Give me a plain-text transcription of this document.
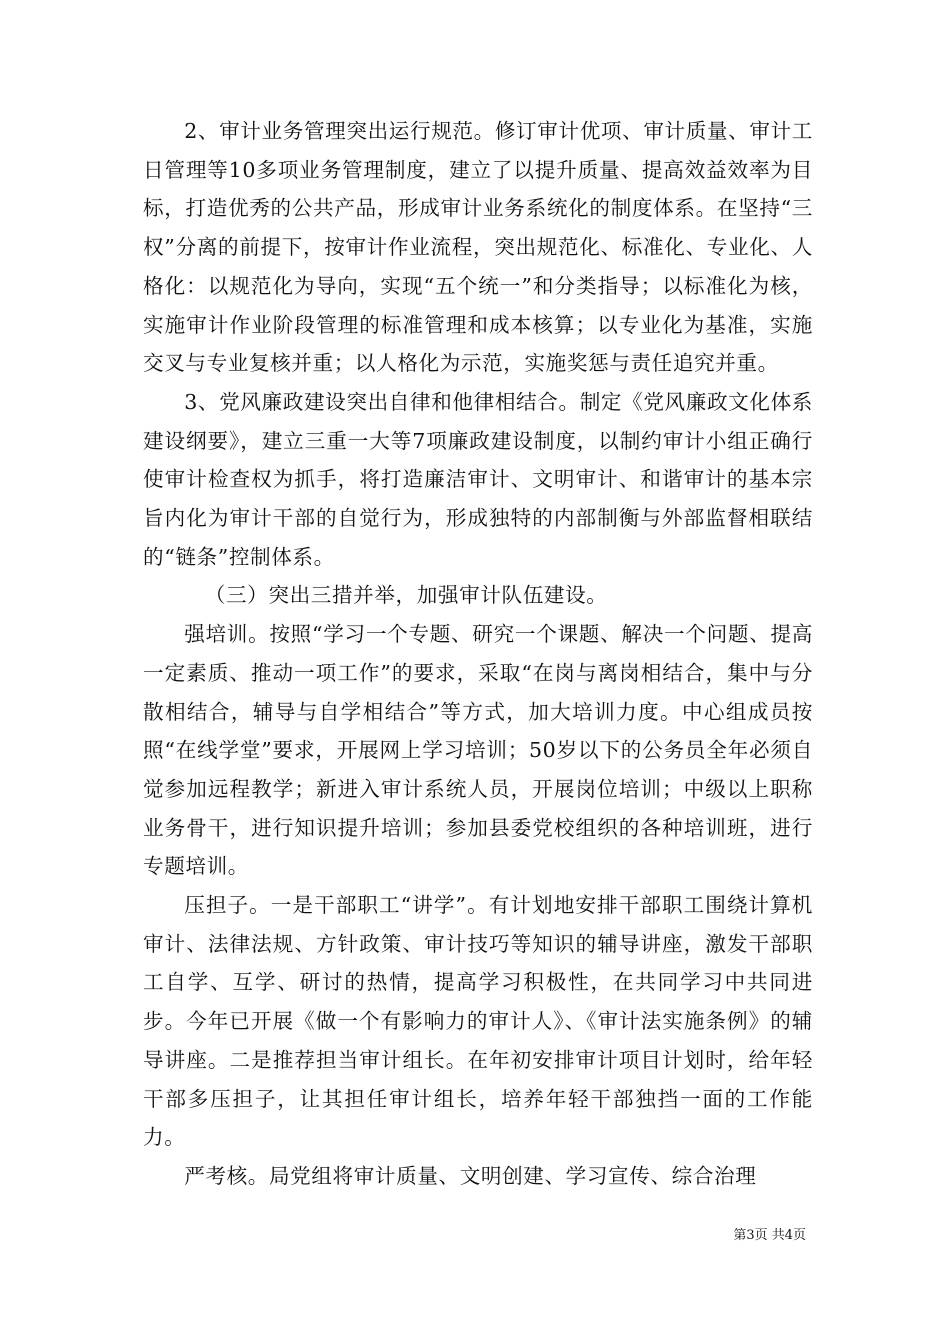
2、审计业务管理突出运行规范。修订审计优项、审计质量、审计工日管理等10多项业务管理制度，建立了以提升质量、提高效益效率为目标，打造优秀的公共产品，形成审计业务系统化的制度体系。在坚持“三权”分离的前提下，按审计作业流程，突出规范化、标准化、专业化、人格化：以规范化为导向，实现“五个统一”和分类指导；以标准化为核，实施审计作业阶段管理的标准管理和成本核算；以专业化为基准，实施交叉与专业复核并重；以人格化为示范，实施奖惩与责任追究并重。

3、党风廉政建设突出自律和他律相结合。制定《党风廉政文化体系建设纲要》，建立三重一大等7项廉政建设制度，以制约审计小组正确行使审计检查权为抓手，将打造廉洁审计、文明审计、和谐审计的基本宗旨内化为审计干部的自觉行为，形成独特的内部制衡与外部监督相联结的“链条”控制体系。

（三）突出三措并举，加强审计队伍建设。

强培训。按照“学习一个专题、研究一个课题、解决一个问题、提高一定素质、推动一项工作”的要求，采取“在岗与离岗相结合，集中与分散相结合，辅导与自学相结合”等方式，加大培训力度。中心组成员按照“在线学堂”要求，开展网上学习培训；50岁以下的公务员全年必须自觉参加远程教学；新进入审计系统人员，开展岗位培训；中级以上职称业务骨干，进行知识提升培训；参加县委党校组织的各种培训班，进行专题培训。

压担子。一是干部职工“讲学”。有计划地安排干部职工围绕计算机审计、法律法规、方针政策、审计技巧等知识的辅导讲座，激发干部职工自学、互学、研讨的热情，提高学习积极性，在共同学习中共同进步。今年已开展《做一个有影响力的审计人》、《审计法实施条例》的辅导讲座。二是推荐担当审计组长。在年初安排审计项目计划时，给年轻干部多压担子，让其担任审计组长，培养年轻干部独挡一面的工作能力。

严考核。局党组将审计质量、文明创建、学习宣传、综合治理

第3页 共4页
